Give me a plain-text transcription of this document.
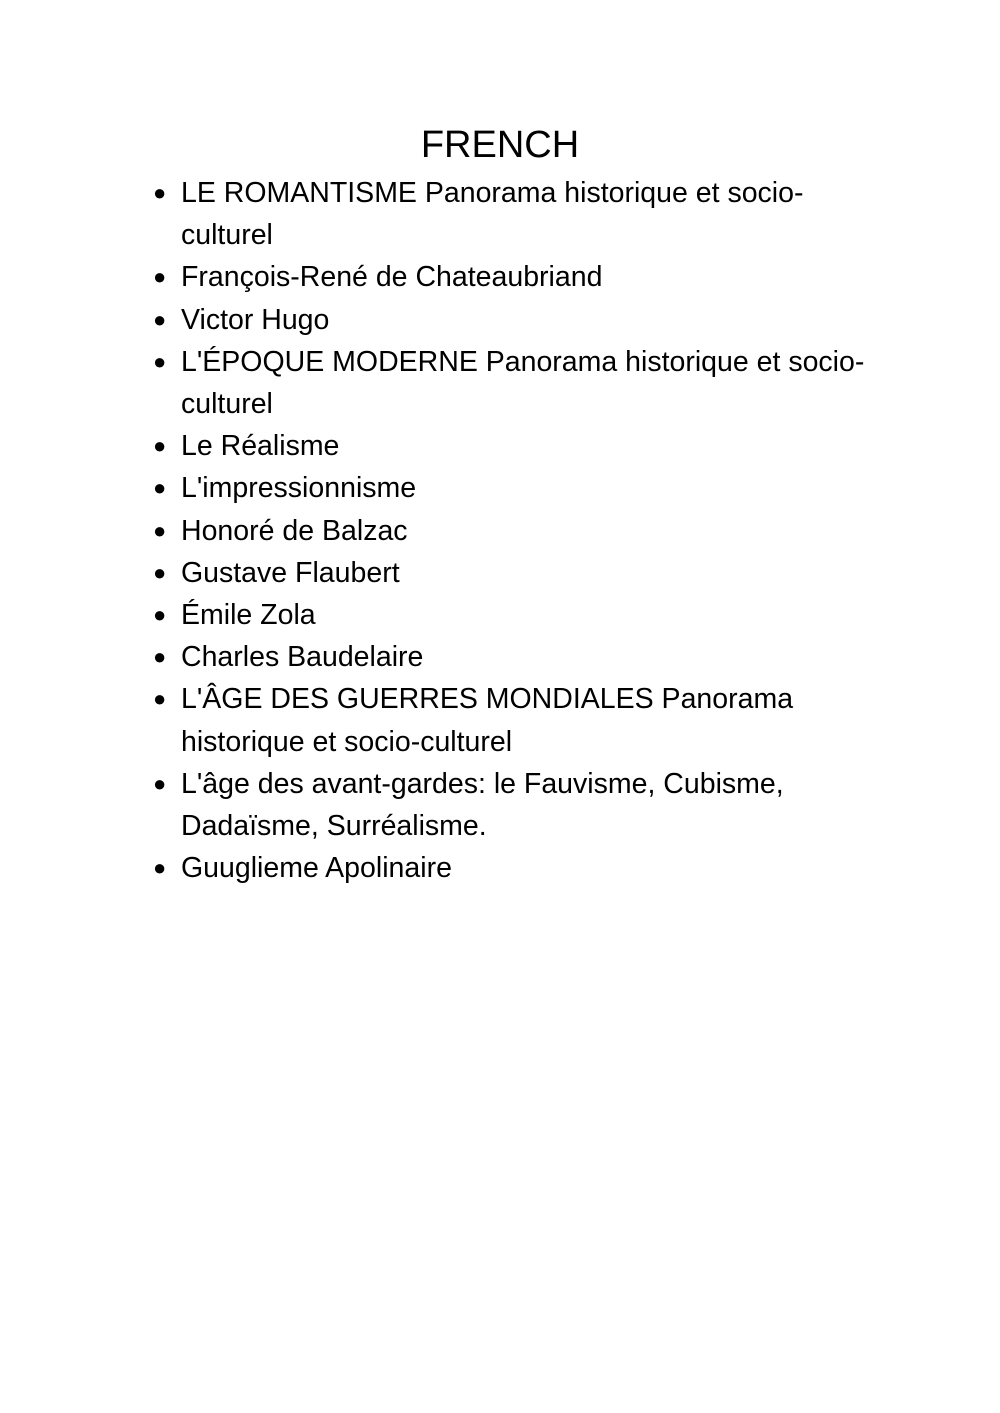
FRENCH
● LE ROMANTISME Panorama historique et socio-culturel
● François-René de Chateaubriand
● Victor Hugo
● L'ÉPOQUE MODERNE Panorama historique et socio-culturel
● Le Réalisme
● L'impressionnisme
● Honoré de Balzac
● Gustave Flaubert
● Émile Zola
● Charles Baudelaire
● L'ÂGE DES GUERRES MONDIALES Panorama historique et socio-culturel
● L'âge des avant-gardes: le Fauvisme, Cubisme, Dadaïsme, Surréalisme.
● Guuglieme Apolinaire
